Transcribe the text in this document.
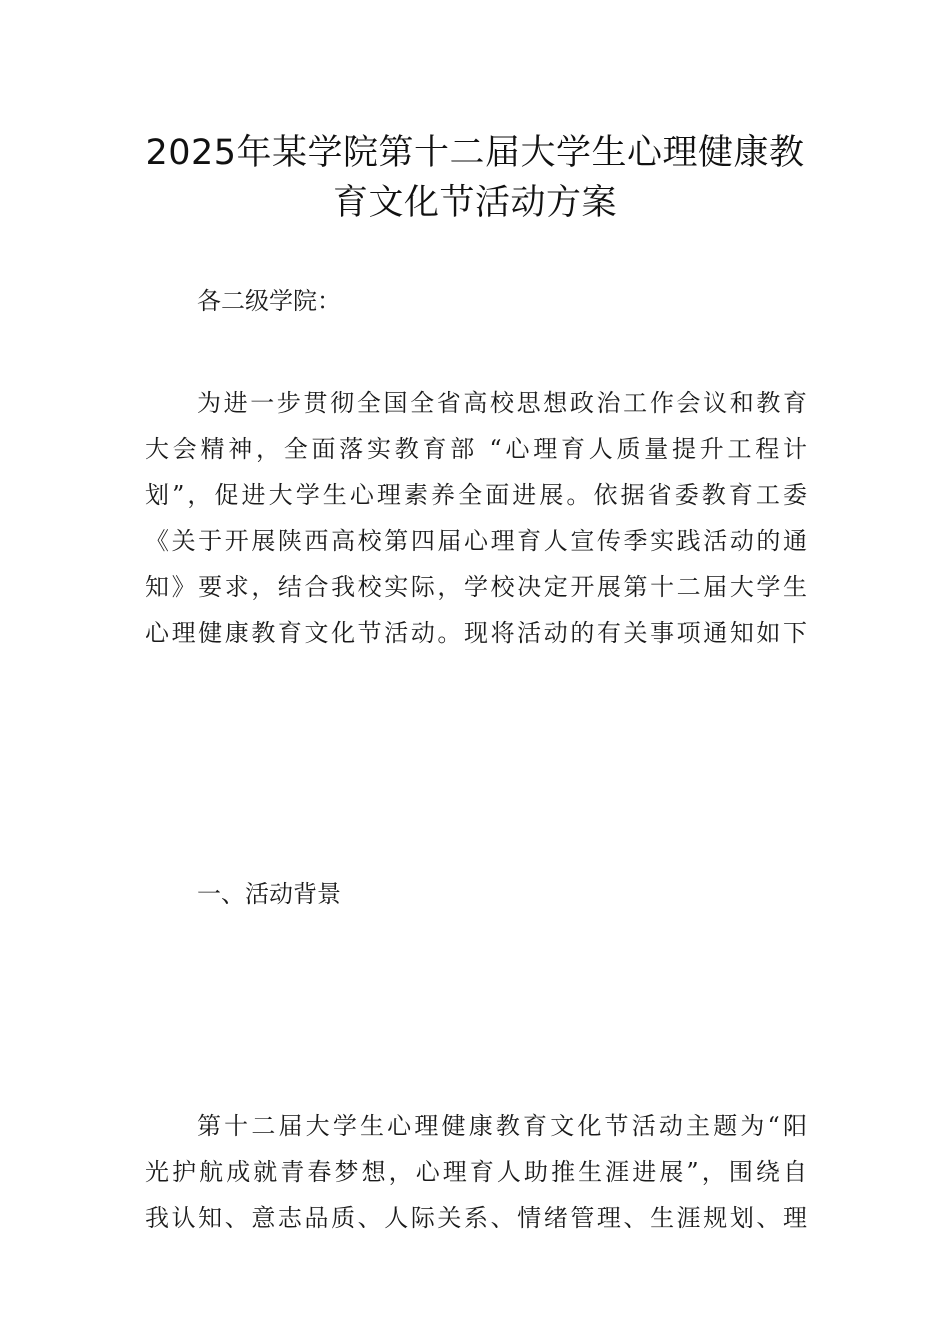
2025年某学院第十二届大学生心理健康教
育文化节活动方案
各二级学院：
为进一步贯彻全国全省高校思想政治工作会议和教育
大会精神，全面落实教育部 “心理育人质量提升工程计
划”，促进大学生心理素养全面进展。依据省委教育工委
《关于开展陕西高校第四届心理育人宣传季实践活动的通
知》要求，结合我校实际，学校决定开展第十二届大学生
心理健康教育文化节活动。现将活动的有关事项通知如下
一、活动背景
第十二届大学生心理健康教育文化节活动主题为“阳
光护航成就青春梦想，心理育人助推生涯进展”，围绕自
我认知、意志品质、人际关系、情绪管理、生涯规划、理
